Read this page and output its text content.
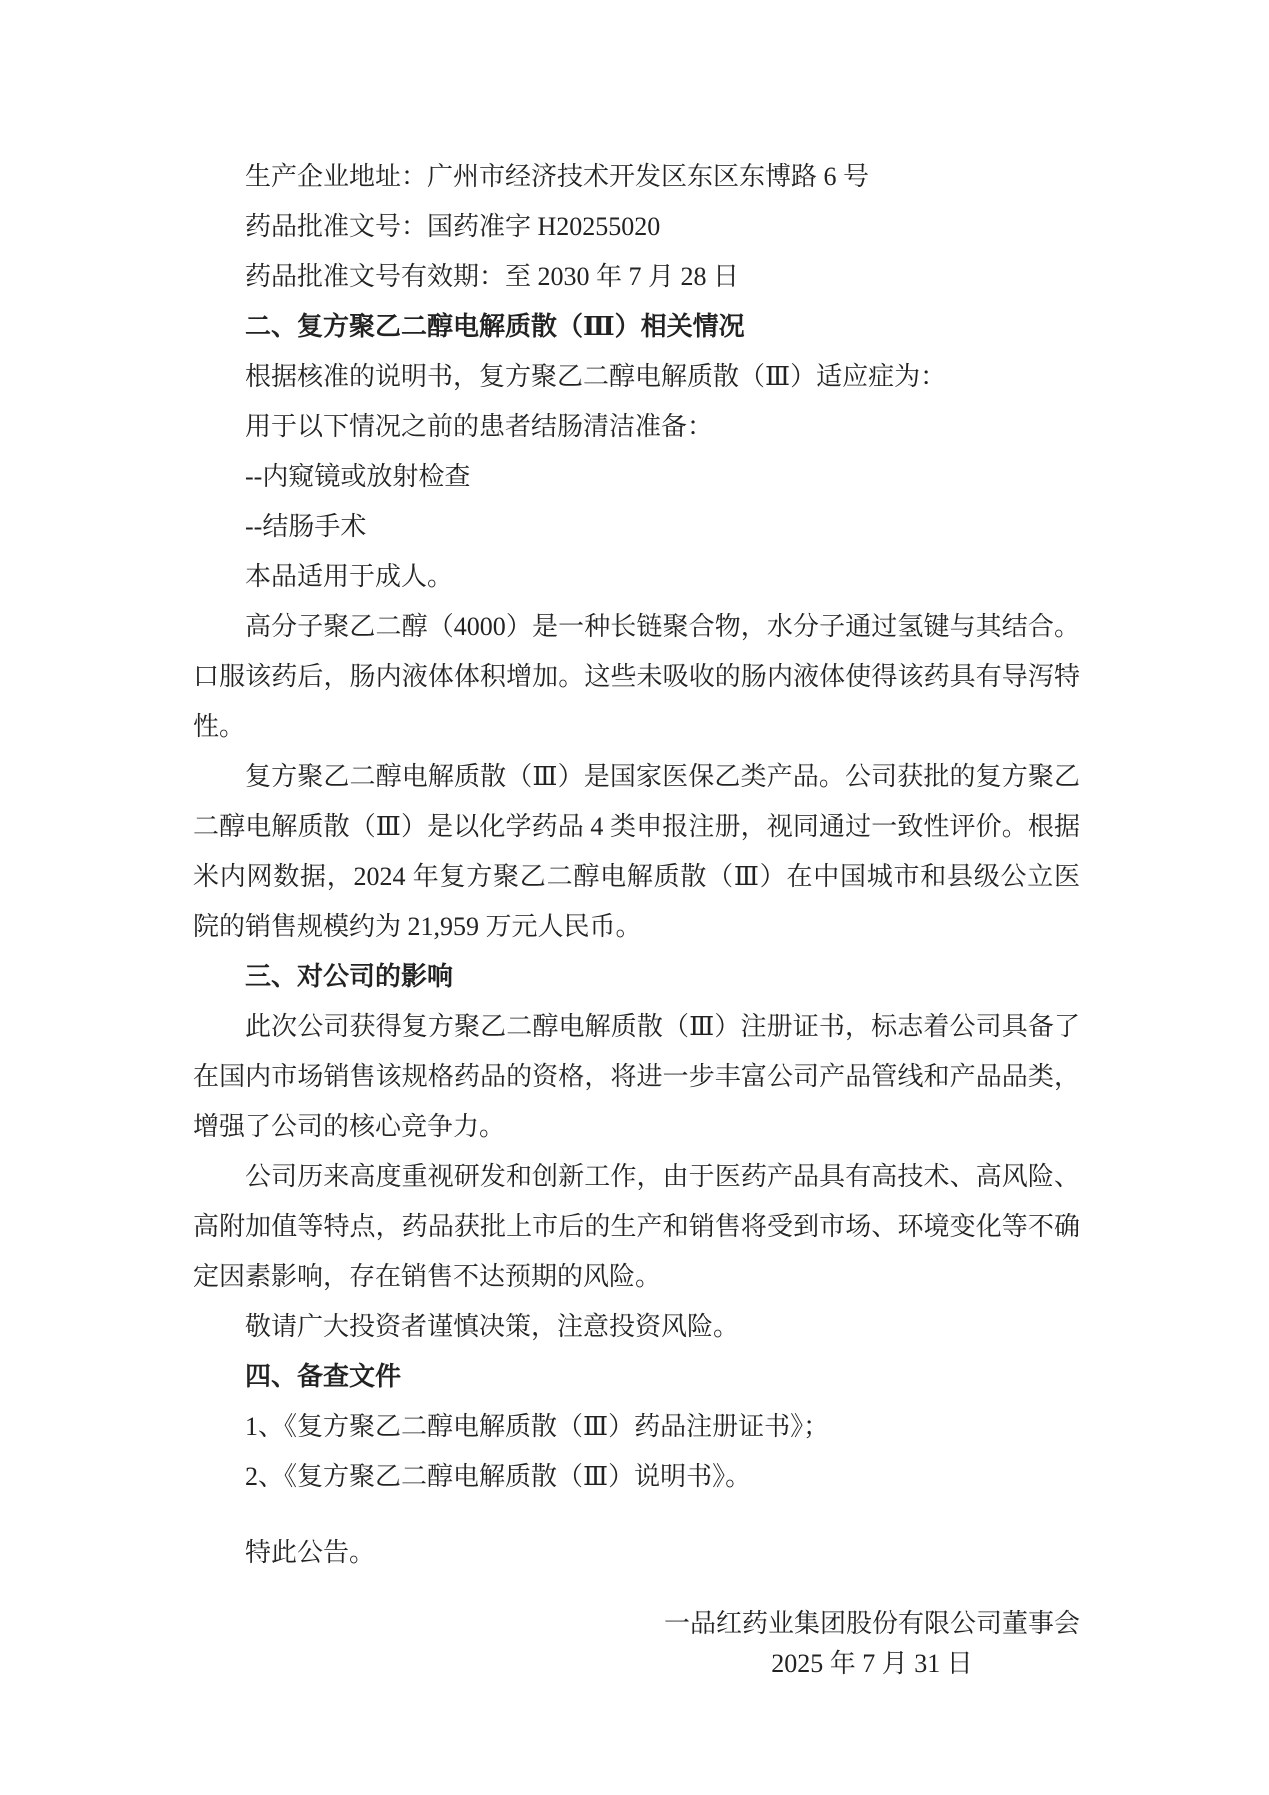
生产企业地址：广州市经济技术开发区东区东博路 6 号

药品批准文号：国药准字 H20255020

药品批准文号有效期：至 2030 年 7 月 28 日

二、复方聚乙二醇电解质散（Ⅲ）相关情况

根据核准的说明书，复方聚乙二醇电解质散（Ⅲ）适应症为：

用于以下情况之前的患者结肠清洁准备：

--内窥镜或放射检查

--结肠手术

本品适用于成人。

高分子聚乙二醇（4000）是一种长链聚合物，水分子通过氢键与其结合。口服该药后，肠内液体体积增加。这些未吸收的肠内液体使得该药具有导泻特性。

复方聚乙二醇电解质散（Ⅲ）是国家医保乙类产品。公司获批的复方聚乙二醇电解质散（Ⅲ）是以化学药品 4 类申报注册，视同通过一致性评价。根据米内网数据，2024 年复方聚乙二醇电解质散（Ⅲ）在中国城市和县级公立医院的销售规模约为 21,959 万元人民币。

三、对公司的影响

此次公司获得复方聚乙二醇电解质散（Ⅲ）注册证书，标志着公司具备了在国内市场销售该规格药品的资格，将进一步丰富公司产品管线和产品品类，增强了公司的核心竞争力。

公司历来高度重视研发和创新工作，由于医药产品具有高技术、高风险、高附加值等特点，药品获批上市后的生产和销售将受到市场、环境变化等不确定因素影响，存在销售不达预期的风险。

敬请广大投资者谨慎决策，注意投资风险。

四、备查文件

1、《复方聚乙二醇电解质散（Ⅲ）药品注册证书》；

2、《复方聚乙二醇电解质散（Ⅲ）说明书》。

特此公告。

一品红药业集团股份有限公司董事会

2025 年 7 月 31 日
